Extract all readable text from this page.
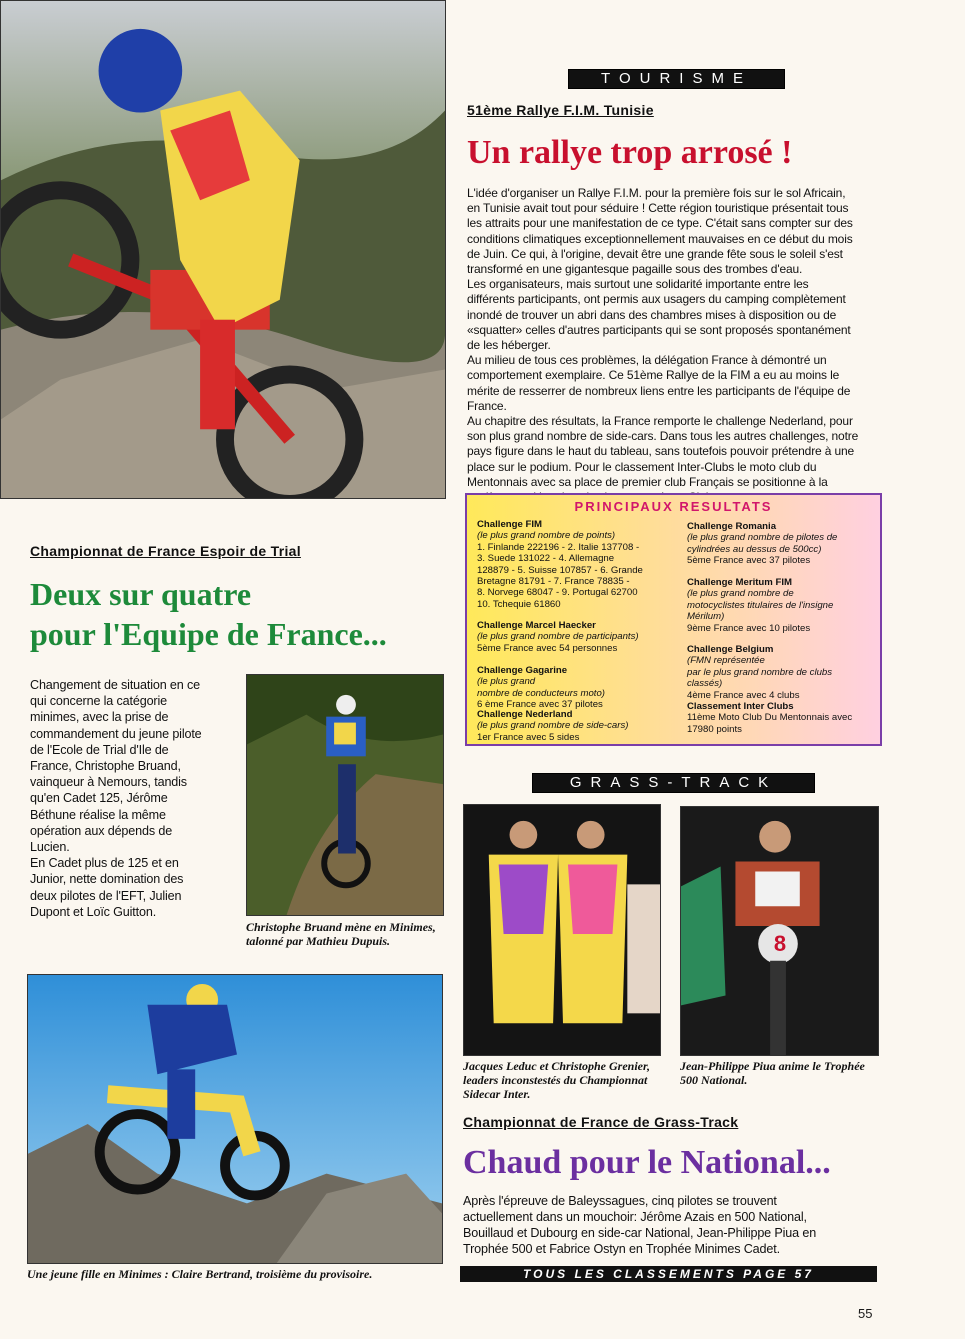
TOURISME
51ème Rallye F.I.M. Tunisie
Un rallye trop arrosé !
L'idée d'organiser un Rallye F.I.M. pour la première fois sur le sol Africain,
en Tunisie avait tout pour séduire ! Cette région touristique présentait tous
les attraits pour une manifestation de ce type. C'était sans compter sur des
conditions climatiques exceptionnellement mauvaises en ce début du mois
de Juin. Ce qui, à l'origine, devait être une grande fête sous le soleil s'est
transformé en une gigantesque pagaille sous des trombes d'eau.
Les organisateurs, mais surtout une solidarité importante entre les
différents participants, ont permis aux usagers du camping complètement
inondé de trouver un abri dans des chambres mises à disposition ou de
«squatter» celles d'autres participants qui se sont proposés spontanément
de les héberger.
Au milieu de tous ces problèmes, la délégation France à démontré un
comportement exemplaire. Ce 51ème Rallye de la FIM a eu au moins le
mérite de resserrer de nombreux liens entre les participants de l'équipe de
France.
Au chapitre des résultats, la France remporte le challenge Nederland, pour
son plus grand nombre de side-cars. Dans tous les autres challenges, notre
pays figure dans le haut du tableau, sans toutefois pouvoir prétendre à une
place sur le podium. Pour le classement Inter-Clubs le moto club du
Mentonnais avec sa place de premier club Français se positionne à la

PRINCIPAUX RESULTATS
Challenge FIM
(le plus grand nombre de points)
1. Finlande 222196 - 2. Italie 137708 -
3. Suede 131022 - 4. Allemagne
128879 - 5. Suisse 107857 - 6. Grande
Bretagne 81791 - 7. France 78835 -
8. Norvege 68047 - 9. Portugal 62700
10. Tchequie 61860
Challenge Marcel Haecker
(le plus grand nombre de participants)
5ème France avec 54 personnes
Challenge Gagarine
(le plus grand
nombre de conducteurs moto)
6 ème France avec 37 pilotes
Challenge Nederland
(le plus grand nombre de side-cars)
1er France avec 5 sides
Challenge Romania
(le plus grand nombre de pilotes de
cylindrées au dessus de 500cc)
5ème France avec 37 pilotes
Challenge Meritum FIM
(le plus grand nombre de
motocyclistes titulaires de l'insigne
Mérilum)
9ème France avec 10 pilotes
Challenge Belgium
(FMN représentée
par le plus grand nombre de clubs
classés)
4ème France avec 4 clubs
Classement Inter Clubs
11ème Moto Club Du Mentonnais avec
17980 points
Championnat de France Espoir de Trial
Deux sur quatre
pour l'Equipe de France...
Changement de situation en ce
qui concerne la catégorie
minimes, avec la prise de
commandement du jeune pilote
de l'Ecole de Trial d'Ile de
France, Christophe Bruand,
vainqueur à Nemours, tandis
qu'en Cadet 125, Jérôme
Béthune réalise la même
opération aux dépends de
Lucien.
En Cadet plus de 125 et en
Junior, nette domination des
deux pilotes de l'EFT, Julien
Dupont et Loïc Guitton.
Christophe Bruand mène en Minimes, talonné par Mathieu Dupuis.
Une jeune fille en Minimes : Claire Bertrand, troisième du provisoire.
GRASS-TRACK
Jacques Leduc et Christophe Grenier, leaders inconstestés du Championnat Sidecar Inter.
8
Jean-Philippe Piua anime le Trophée 500 National.
Championnat de France de Grass-Track
Chaud pour le National...
Après l'épreuve de Baleyssagues, cinq pilotes se trouvent
actuellement dans un mouchoir: Jérôme Azais en 500 National,
Bouillaud et Dubourg en side-car National, Jean-Philippe Piua en
Trophée 500 et Fabrice Ostyn en Trophée Minimes Cadet.
TOUS LES CLASSEMENTS PAGE 57
55
